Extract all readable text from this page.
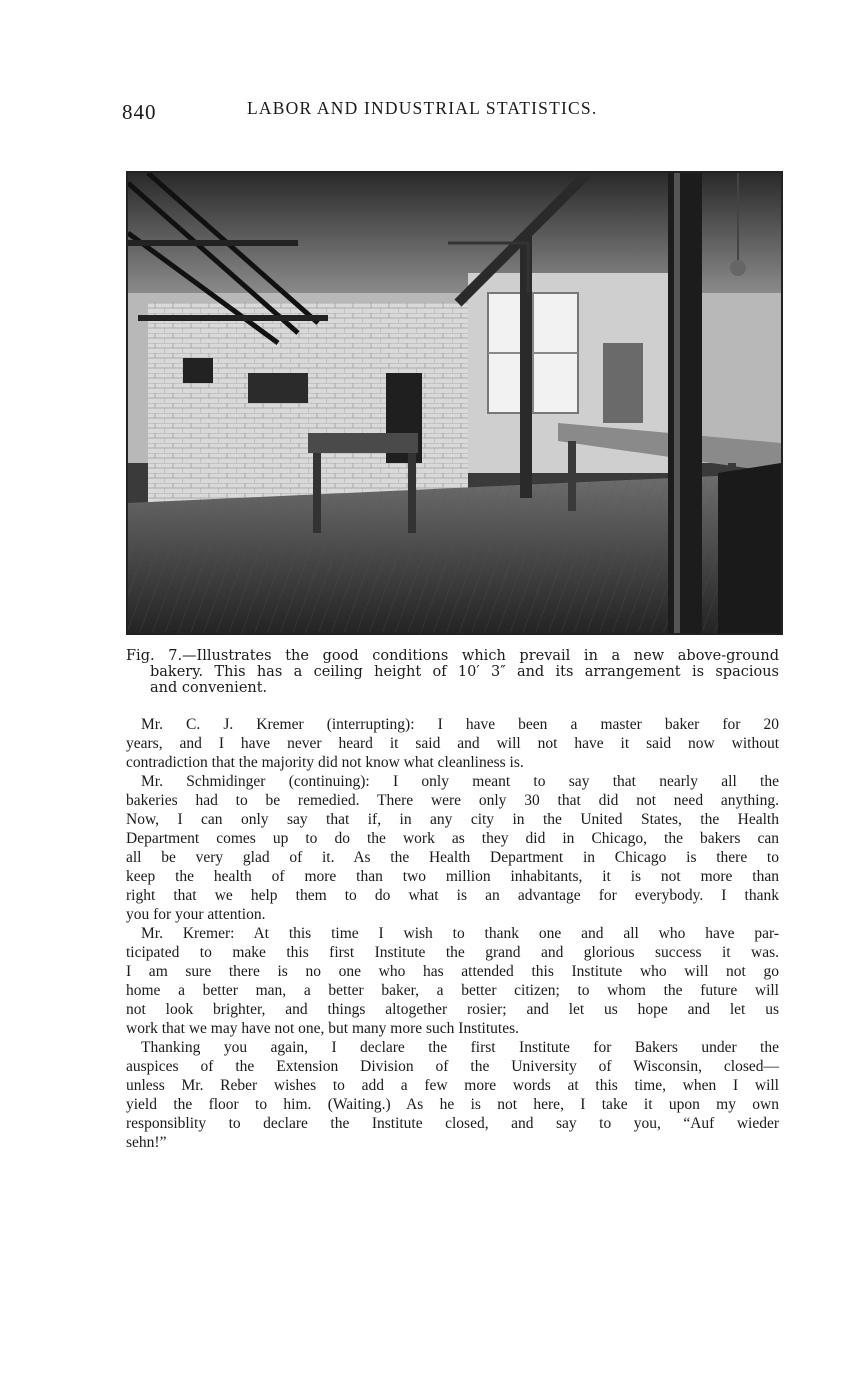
840	LABOR AND INDUSTRIAL STATISTICS.
Fig. 7.—Illustrates the good conditions which prevail in a new above-ground
bakery. This has a ceiling height of 10′ 3″ and its arrangement is spacious
and convenient.
Mr. C. J. Kremer (interrupting): I have been a master baker for 20
years, and I have never heard it said and will not have it said now without
contradiction that the majority did not know what cleanliness is.
Mr. Schmidinger (continuing): I only meant to say that nearly all the
bakeries had to be remedied. There were only 30 that did not need anything.
Now, I can only say that if, in any city in the United States, the Health
Department comes up to do the work as they did in Chicago, the bakers can
all be very glad of it. As the Health Department in Chicago is there to
keep the health of more than two million inhabitants, it is not more than
right that we help them to do what is an advantage for everybody. I thank
you for your attention.
Mr. Kremer: At this time I wish to thank one and all who have par-
ticipated to make this first Institute the grand and glorious success it was.
I am sure there is no one who has attended this Institute who will not go
home a better man, a better baker, a better citizen; to whom the future will
not look brighter, and things altogether rosier; and let us hope and let us
work that we may have not one, but many more such Institutes.
Thanking you again, I declare the first Institute for Bakers under the
auspices of the Extension Division of the University of Wisconsin, closed—
unless Mr. Reber wishes to add a few more words at this time, when I will
yield the floor to him. (Waiting.) As he is not here, I take it upon my own
responsiblity to declare the Institute closed, and say to you, “Auf wieder
sehn!”
